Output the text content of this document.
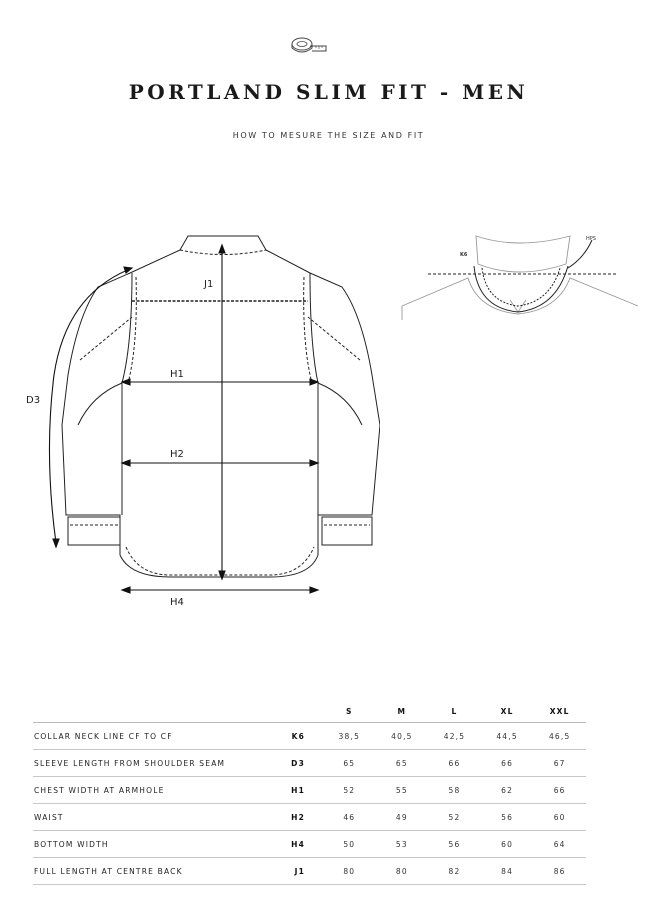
PORTLAND SLIM FIT - MEN
HOW TO MESURE THE SIZE AND FIT
J1
H1
H2
H4
D3
K6
HPS
		S	M	L	XL	XXL
COLLAR NECK LINE CF TO CF	K6	38,5	40,5	42,5	44,5	46,5
SLEEVE LENGTH FROM SHOULDER SEAM	D3	65	65	66	66	67
CHEST WIDTH AT ARMHOLE	H1	52	55	58	62	66
WAIST	H2	46	49	52	56	60
BOTTOM WIDTH	H4	50	53	56	60	64
FULL LENGTH AT CENTRE BACK	J1	80	80	82	84	86
